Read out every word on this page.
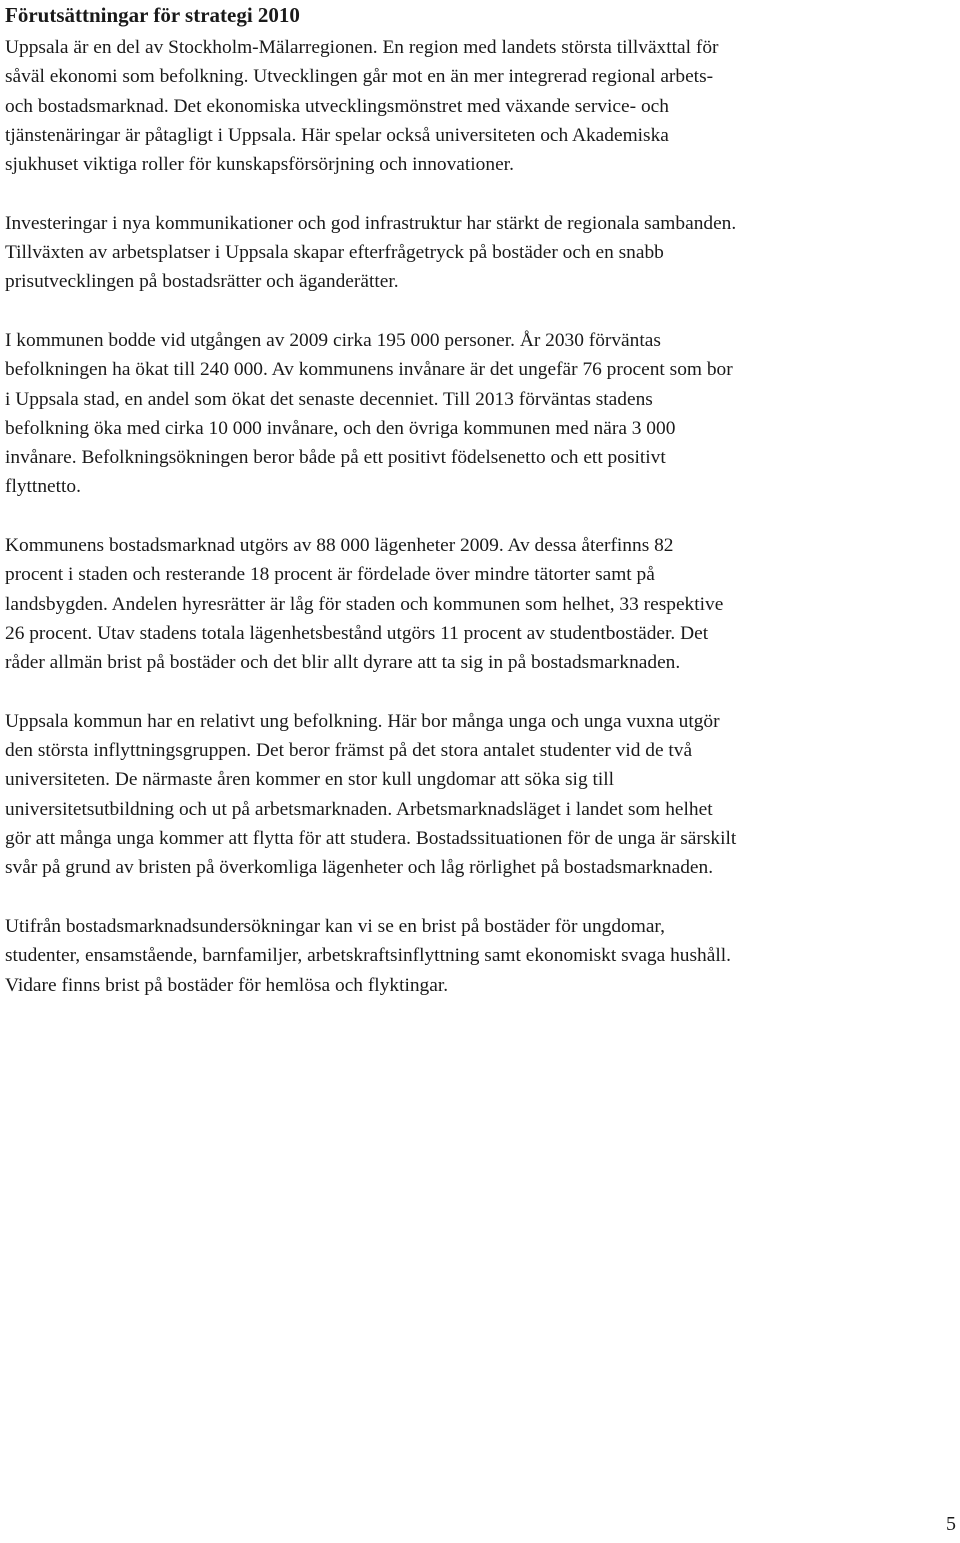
Förutsättningar för strategi 2010

Uppsala är en del av Stockholm-Mälarregionen. En region med landets största tillväxttal för
såväl ekonomi som befolkning. Utvecklingen går mot en än mer integrerad regional arbets-
och bostadsmarknad. Det ekonomiska utvecklingsmönstret med växande service- och
tjänstenäringar är påtagligt i Uppsala. Här spelar också universiteten och Akademiska
sjukhuset viktiga roller för kunskapsförsörjning och innovationer.

Investeringar i nya kommunikationer och god infrastruktur har stärkt de regionala sambanden.
Tillväxten av arbetsplatser i Uppsala skapar efterfrågetryck på bostäder och en snabb
prisutvecklingen på bostadsrätter och äganderätter.

I kommunen bodde vid utgången av 2009 cirka 195 000 personer. År 2030 förväntas
befolkningen ha ökat till 240 000. Av kommunens invånare är det ungefär 76 procent som bor
i Uppsala stad, en andel som ökat det senaste decenniet. Till 2013 förväntas stadens
befolkning öka med cirka 10 000 invånare, och den övriga kommunen med nära 3 000
invånare. Befolkningsökningen beror både på ett positivt födelsenetto och ett positivt
flyttnetto.

Kommunens bostadsmarknad utgörs av 88 000 lägenheter 2009. Av dessa återfinns 82
procent i staden och resterande 18 procent är fördelade över mindre tätorter samt på
landsbygden. Andelen hyresrätter är låg för staden och kommunen som helhet, 33 respektive
26 procent. Utav stadens totala lägenhetsbestånd utgörs 11 procent av studentbostäder. Det
råder allmän brist på bostäder och det blir allt dyrare att ta sig in på bostadsmarknaden.

Uppsala kommun har en relativt ung befolkning. Här bor många unga och unga vuxna utgör
den största inflyttningsgruppen. Det beror främst på det stora antalet studenter vid de två
universiteten. De närmaste åren kommer en stor kull ungdomar att söka sig till
universitetsutbildning och ut på arbetsmarknaden. Arbetsmarknadsläget i landet som helhet
gör att många unga kommer att flytta för att studera. Bostadssituationen för de unga är särskilt
svår på grund av bristen på överkomliga lägenheter och låg rörlighet på bostadsmarknaden.

Utifrån bostadsmarknadsundersökningar kan vi se en brist på bostäder för ungdomar,
studenter, ensamstående, barnfamiljer, arbetskraftsinflyttning samt ekonomiskt svaga hushåll.
Vidare finns brist på bostäder för hemlösa och flyktingar.

5
